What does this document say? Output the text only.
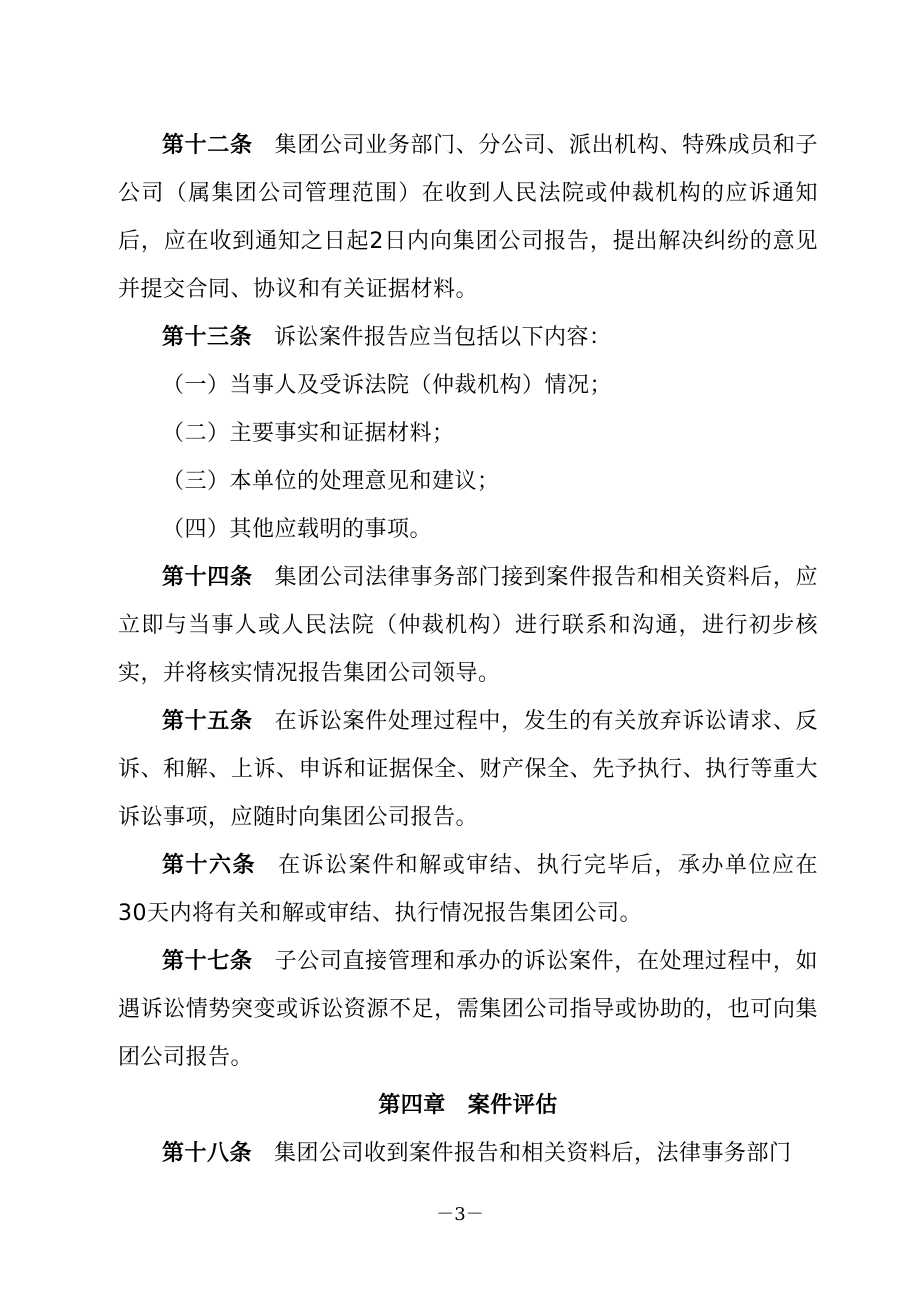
第十二条 集团公司业务部门、分公司、派出机构、特殊成员和子公司（属集团公司管理范围）在收到人民法院或仲裁机构的应诉通知后，应在收到通知之日起2日内向集团公司报告，提出解决纠纷的意见并提交合同、协议和有关证据材料。

第十三条 诉讼案件报告应当包括以下内容：

（一）当事人及受诉法院（仲裁机构）情况；

（二）主要事实和证据材料；

（三）本单位的处理意见和建议；

（四）其他应载明的事项。

第十四条 集团公司法律事务部门接到案件报告和相关资料后，应立即与当事人或人民法院（仲裁机构）进行联系和沟通，进行初步核实，并将核实情况报告集团公司领导。

第十五条 在诉讼案件处理过程中，发生的有关放弃诉讼请求、反诉、和解、上诉、申诉和证据保全、财产保全、先予执行、执行等重大诉讼事项，应随时向集团公司报告。

第十六条 在诉讼案件和解或审结、执行完毕后，承办单位应在30天内将有关和解或审结、执行情况报告集团公司。

第十七条 子公司直接管理和承办的诉讼案件，在处理过程中，如遇诉讼情势突变或诉讼资源不足，需集团公司指导或协助的，也可向集团公司报告。

第四章 案件评估

第十八条 集团公司收到案件报告和相关资料后，法律事务部门

－3－
